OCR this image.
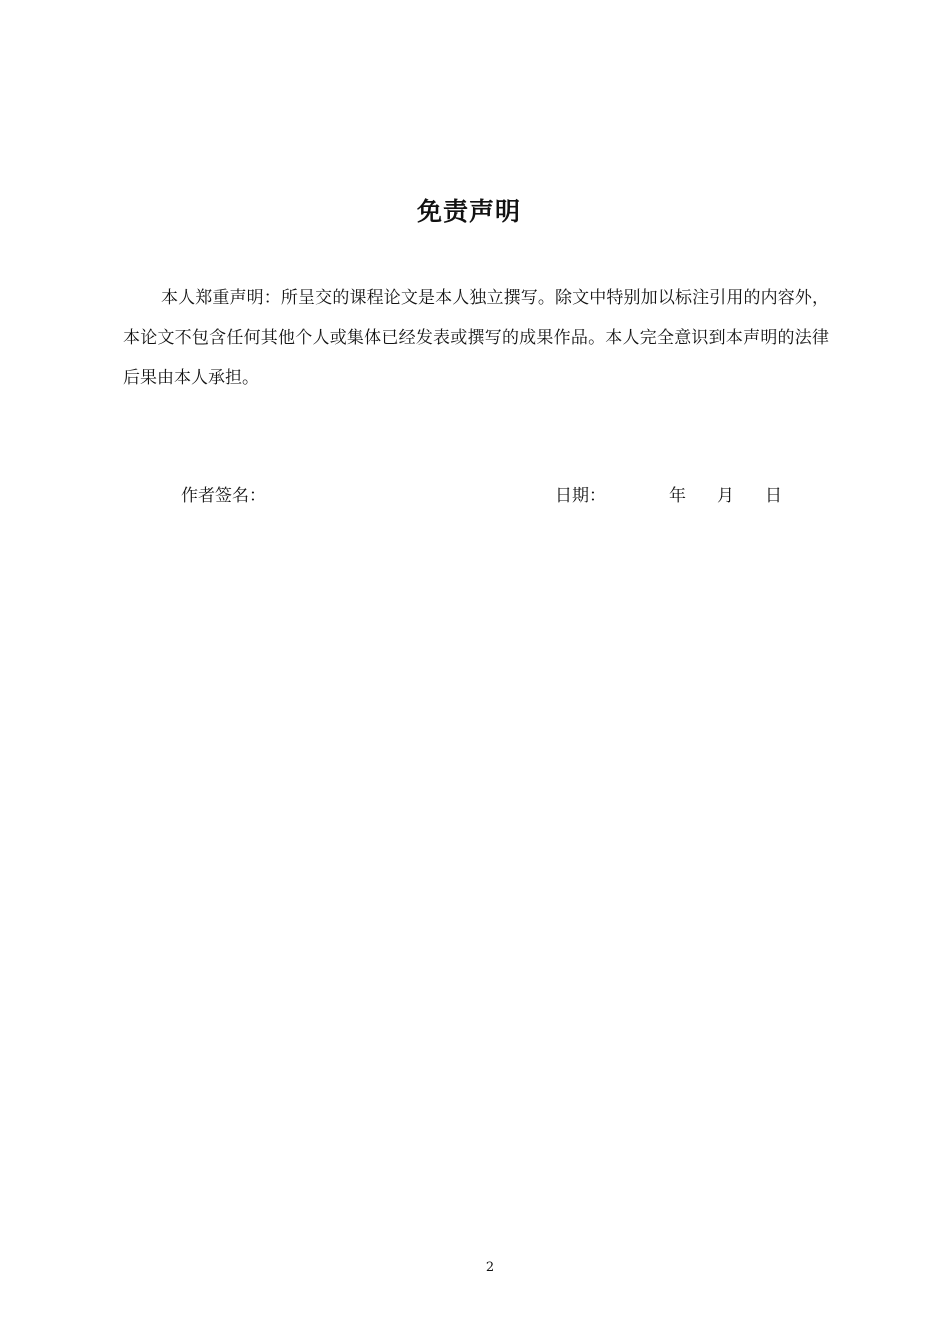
免责声明

本人郑重声明：所呈交的课程论文是本人独立撰写。除文中特别加以标注引用的内容外，本论文不包含任何其他个人或集体已经发表或撰写的成果作品。本人完全意识到本声明的法律后果由本人承担。

作者签名：	日期：	年 月 日
2
